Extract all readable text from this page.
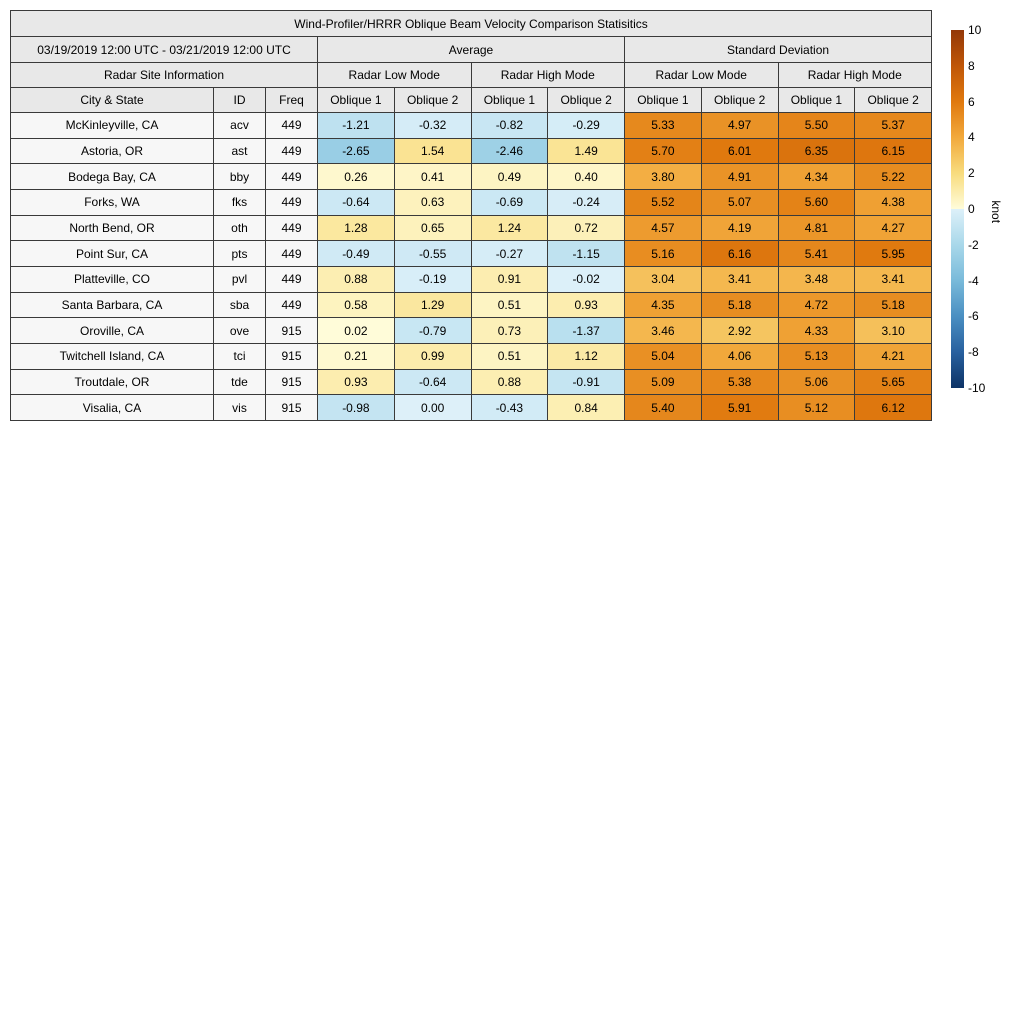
Wind-Profiler/HRRR Oblique Beam Velocity Comparison Statisitics										
03/19/2019 12:00 UTC - 03/21/2019 12:00 UTC			Average				Standard Deviation			
Radar Site Information			Radar Low Mode		Radar High Mode		Radar Low Mode		Radar High Mode	
City & State	ID	Freq	Oblique 1	Oblique 2	Oblique 1	Oblique 2	Oblique 1	Oblique 2	Oblique 1	Oblique 2
McKinleyville, CA	acv	449	-1.21	-0.32	-0.82	-0.29	5.33	4.97	5.50	5.37
Astoria, OR	ast	449	-2.65	1.54	-2.46	1.49	5.70	6.01	6.35	6.15
Bodega Bay, CA	bby	449	0.26	0.41	0.49	0.40	3.80	4.91	4.34	5.22
Forks, WA	fks	449	-0.64	0.63	-0.69	-0.24	5.52	5.07	5.60	4.38
North Bend, OR	oth	449	1.28	0.65	1.24	0.72	4.57	4.19	4.81	4.27
Point Sur, CA	pts	449	-0.49	-0.55	-0.27	-1.15	5.16	6.16	5.41	5.95
Platteville, CO	pvl	449	0.88	-0.19	0.91	-0.02	3.04	3.41	3.48	3.41
Santa Barbara, CA	sba	449	0.58	1.29	0.51	0.93	4.35	5.18	4.72	5.18
Oroville, CA	ove	915	0.02	-0.79	0.73	-1.37	3.46	2.92	4.33	3.10
Twitchell Island, CA	tci	915	0.21	0.99	0.51	1.12	5.04	4.06	5.13	4.21
Troutdale, OR	tde	915	0.93	-0.64	0.88	-0.91	5.09	5.38	5.06	5.65
Visalia, CA	vis	915	-0.98	0.00	-0.43	0.84	5.40	5.91	5.12	6.12
10
8
6
4
2
0
-2
-4
-6
-8
-10
knot
